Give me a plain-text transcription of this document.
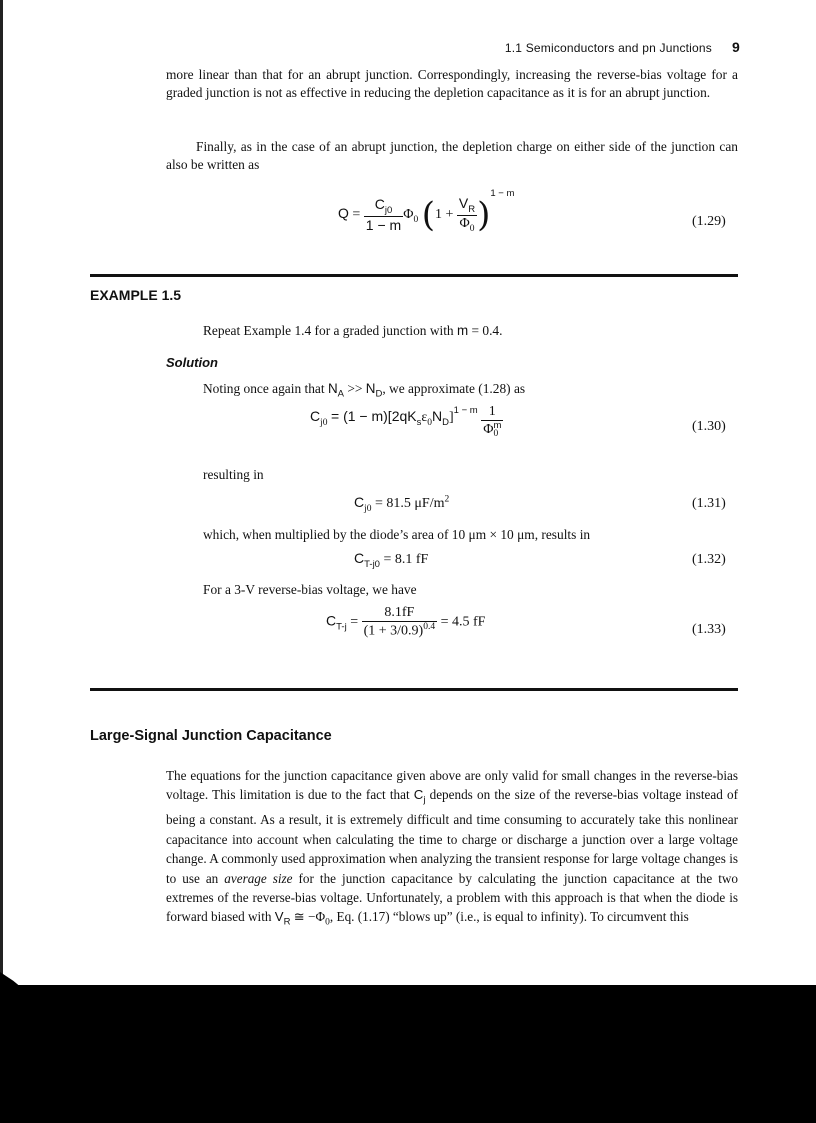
1.1 Semiconductors and pn Junctions 9
more linear than that for an abrupt junction. Correspondingly, increasing the reverse-bias voltage for a graded junction is not as effective in reducing the depletion capacitance as it is for an abrupt junction.
Finally, as in the case of an abrupt junction, the depletion charge on either side of the junction can also be written as
$Q = \frac{C_{j0}}{1 - m} \Phi_0$ $(1 + \frac{V_R}{\Phi_0} )^{1 - m}$
(1.29)
EXAMPLE 1.5
Repeat Example 1.4 for a graded junction with m = 0.4.
Solution
Noting once again that $N_A >> N_D$, we approximate (1.28) as
$C_{j0} = (1 - m)[2qK_s\varepsilon_0N_D]^{1 - m}$ 1
Φ m
0	(1.30)
resulting in
$C_{j0} = 81.5$ $\mu F/m^2$	(1.31)
which, when multiplied by the diode’s area of 10 μm × 10 μm, results in
$C_{T-j0} = 8.1$ fF	(1.32)
For a 3-V reverse-bias voltage, we have
$C_{T-j} = \frac{8.1fF}{(1 + 3/0.9)^{0.4}} = 4.5$ fF	(1.33)
Large-Signal Junction Capacitance
The equations for the junction capacitance given above are only valid for small changes in the reverse-bias voltage. This limitation is due to the fact that $C_j$ depends on the size of the reverse-bias voltage instead of being a constant. As a result, it is extremely difficult and time consuming to accurately take this nonlinear capacitance into account when calculating the time to charge or discharge a junction over a large voltage change. A commonly used approximation when analyzing the transient response for large voltage changes is to use an average size for the junction capacitance by calculating the junction capacitance at the two extremes of the reverse-bias voltage. Unfortunately, a problem with this approach is that when the diode is forward biased with $V_R$ ≅ $-\Phi_0$, Eq. (1.17) “blows up” (i.e., is equal to infinity). To circumvent this
